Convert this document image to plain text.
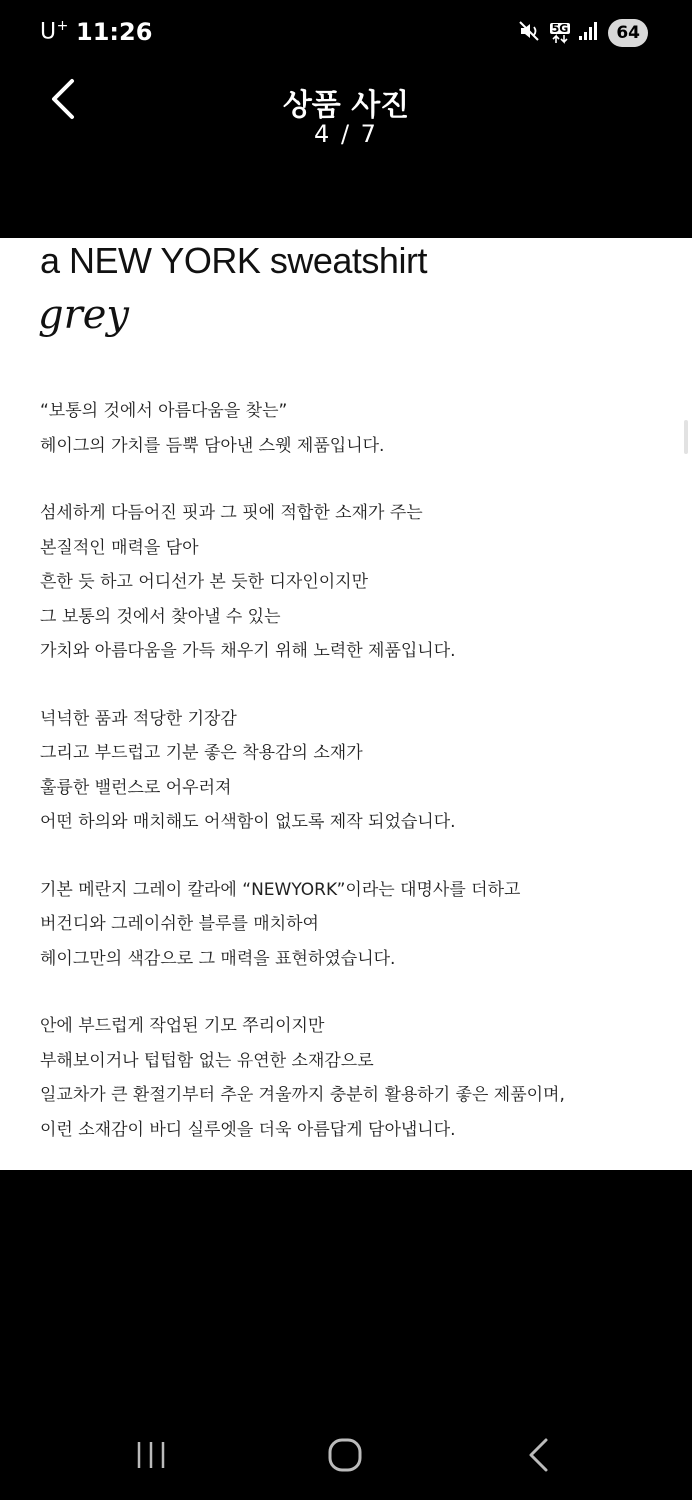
U+ 11:26	5G	64
상품 사진
4 / 7
a NEW YORK sweatshirt
grey
“보통의 것에서 아름다움을 찾는”
헤이그의 가치를 듬뿍 담아낸 스웻 제품입니다.
섬세하게 다듬어진 핏과 그 핏에 적합한 소재가 주는
본질적인 매력을 담아
흔한 듯 하고 어디선가 본 듯한 디자인이지만
그 보통의 것에서 찾아낼 수 있는
가치와 아름다움을 가득 채우기 위해 노력한 제품입니다.
넉넉한 품과 적당한 기장감
그리고 부드럽고 기분 좋은 착용감의 소재가
훌륭한 밸런스로 어우러져
어떤 하의와 매치해도 어색함이 없도록 제작 되었습니다.
기본 메란지 그레이 칼라에 “NEWYORK”이라는 대명사를 더하고
버건디와 그레이쉬한 블루를 매치하여
헤이그만의 색감으로 그 매력을 표현하였습니다.
안에 부드럽게 작업된 기모 쭈리이지만
부해보이거나 텁텁함 없는 유연한 소재감으로
일교차가 큰 환절기부터 추운 겨울까지 충분히 활용하기 좋은 제품이며,
이런 소재감이 바디 실루엣을 더욱 아름답게 담아냅니다.
